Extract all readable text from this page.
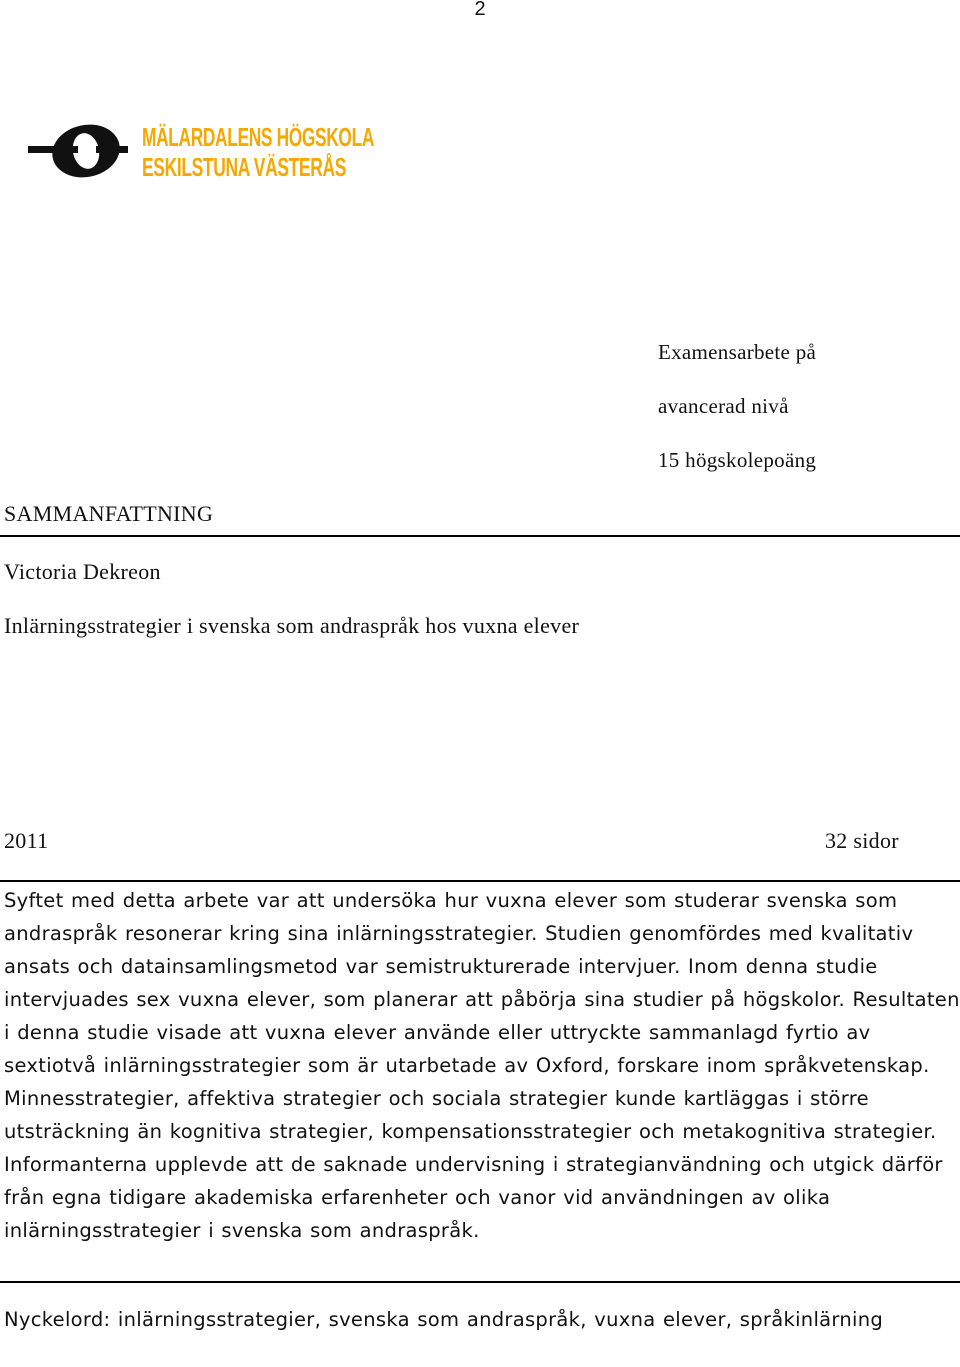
2
MÄLARDALENS HÖGSKOLA
ESKILSTUNA VÄSTERÅS

Examensarbete på

avancerad nivå

15 högskolepoäng

SAMMANFATTNING

Victoria Dekreon

Inlärningsstrategier i svenska som andraspråk hos vuxna elever

2011	32 sidor

Syftet med detta arbete var att undersöka hur vuxna elever som studerar svenska som andraspråk resonerar kring sina inlärningsstrategier. Studien genomfördes med kvalitativ ansats och datainsamlingsmetod var semistrukturerade intervjuer. Inom denna studie intervjuades sex vuxna elever, som planerar att påbörja sina studier på högskolor. Resultaten i denna studie visade att vuxna elever använde eller uttryckte sammanlagd fyrtio av sextiotvå inlärningsstrategier som är utarbetade av Oxford, forskare inom språkvetenskap. Minnesstrategier, affektiva strategier och sociala strategier kunde kartläggas i större utsträckning än kognitiva strategier, kompensationsstrategier och metakognitiva strategier. Informanterna upplevde att de saknade undervisning i strategianvändning och utgick därför från egna tidigare akademiska erfarenheter och vanor vid användningen av olika inlärningsstrategier i svenska som andraspråk.

Nyckelord: inlärningsstrategier, svenska som andraspråk, vuxna elever, språkinlärning
